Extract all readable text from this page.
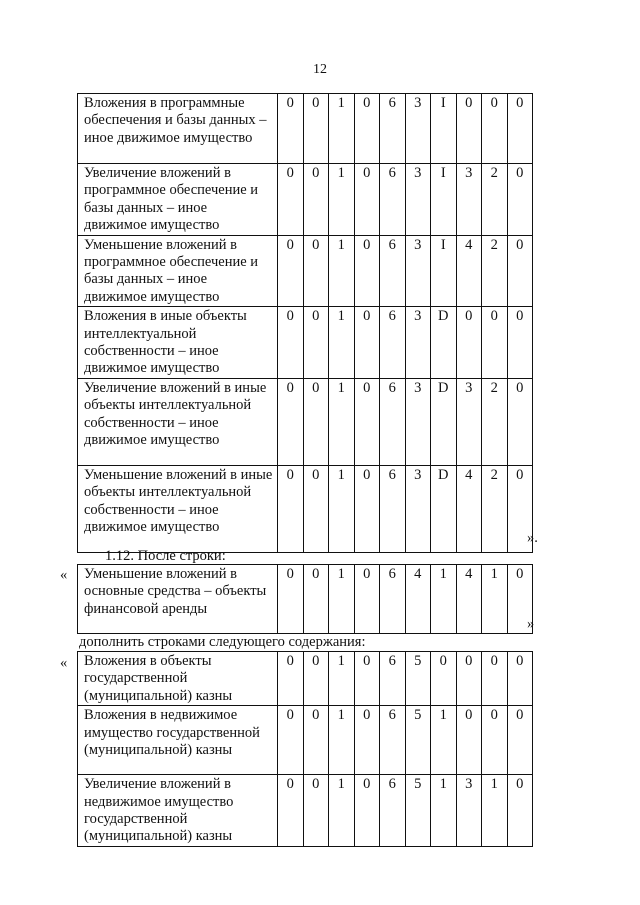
12
Вложения в программные обеспечения и базы данных – иное движимое имущество	0	0	1	0	6	3	I	0	0	0
Увеличение вложений в программное обеспечение и базы данных – иное движимое имущество	0	0	1	0	6	3	I	3	2	0
Уменьшение вложений в программное обеспечение и базы данных – иное движимое имущество	0	0	1	0	6	3	I	4	2	0
Вложения в иные объекты интеллектуальной собственности – иное движимое имущество	0	0	1	0	6	3	D	0	0	0
Увеличение вложений в иные объекты интеллектуальной собственности – иное движимое имущество	0	0	1	0	6	3	D	3	2	0
Уменьшение вложений в иные объекты интеллектуальной собственности – иное движимое имущество	0	0	1	0	6	3	D	4	2	0
».
1.12. После строки:
« Уменьшение вложений в основные средства – объекты финансовой аренды	0	0	1	0	6	4	1	4	1	0
»
дополнить строками следующего содержания:
« Вложения в объекты государственной (муниципальной) казны	0	0	1	0	6	5	0	0	0	0
Вложения в недвижимое имущество государственной (муниципальной) казны	0	0	1	0	6	5	1	0	0	0
Увеличение вложений в недвижимое имущество государственной (муниципальной) казны	0	0	1	0	6	5	1	3	1	0
